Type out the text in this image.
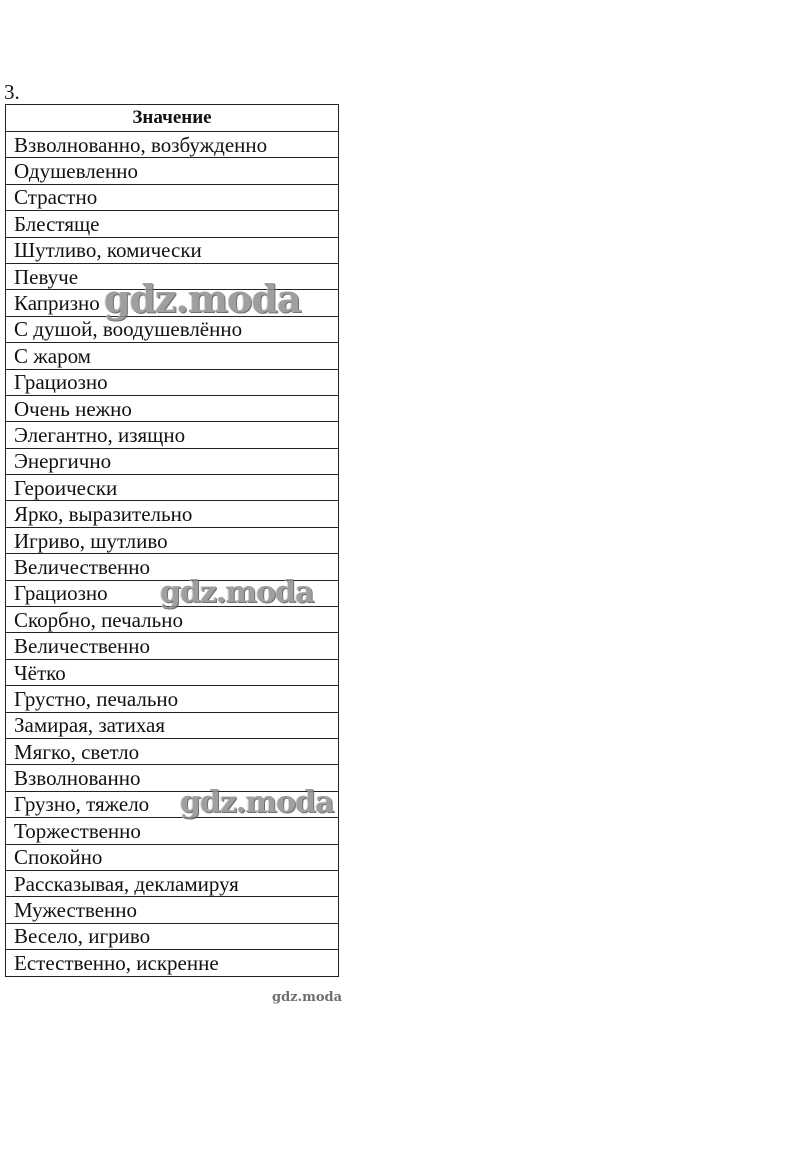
3.
Значение
Взволнованно, возбужденно
Одушевленно
Страстно
Блестяще
Шутливо, комически
Певуче
Капризно
С душой, воодушевлённо
С жаром
Грациозно
Очень нежно
Элегантно, изящно
Энергично
Героически
Ярко, выразительно
Игриво, шутливо
Величественно
Грациозно
Скорбно, печально
Величественно
Чётко
Грустно, печально
Замирая, затихая
Мягко, светло
Взволнованно
Грузно, тяжело
Торжественно
Спокойно
Рассказывая, декламируя
Мужественно
Весело, игриво
Естественно, искренне
gdz.moda
gdz.moda
gdz.moda
gdz.moda
